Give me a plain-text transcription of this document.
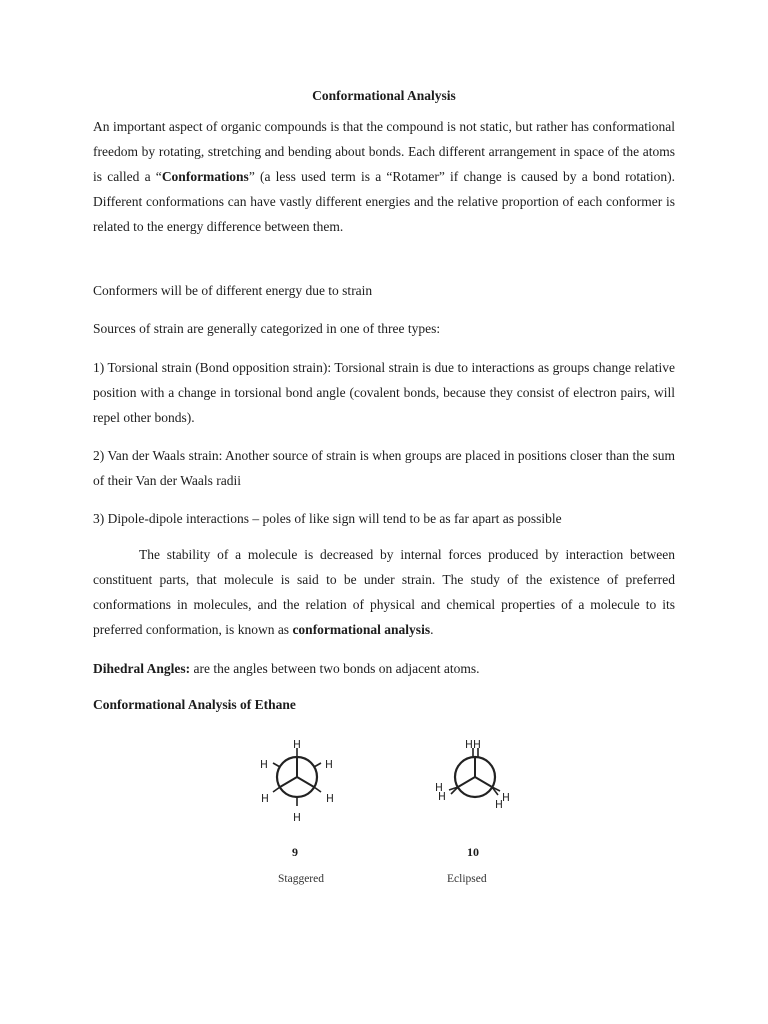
Conformational Analysis

An important aspect of organic compounds is that the compound is not static, but rather has conformational freedom by rotating, stretching and bending about bonds. Each different arrangement in space of the atoms is called a “Conformations” (a less used term is a “Rotamer” if change is caused by a bond rotation). Different conformations can have vastly different energies and the relative proportion of each conformer is related to the energy difference between them.

Conformers will be of different energy due to strain

Sources of strain are generally categorized in one of three types:

1) Torsional strain (Bond opposition strain): Torsional strain is due to interactions as groups change relative position with a change in torsional bond angle (covalent bonds, because they consist of electron pairs, will repel other bonds).

2) Van der Waals strain: Another source of strain is when groups are placed in positions closer than the sum of their Van der Waals radii

3) Dipole-dipole interactions – poles of like sign will tend to be as far apart as possible

The stability of a molecule is decreased by internal forces produced by interaction between constituent parts, that molecule is said to be under strain. The study of the existence of preferred conformations in molecules, and the relation of physical and chemical properties of a molecule to its preferred conformation, is known as conformational analysis.

Dihedral Angles: are the angles between two bonds on adjacent atoms.

Conformational Analysis of Ethane
H
H	H
H	H
H
H H
H
H	H
H
9
Staggered
10
Eclipsed
